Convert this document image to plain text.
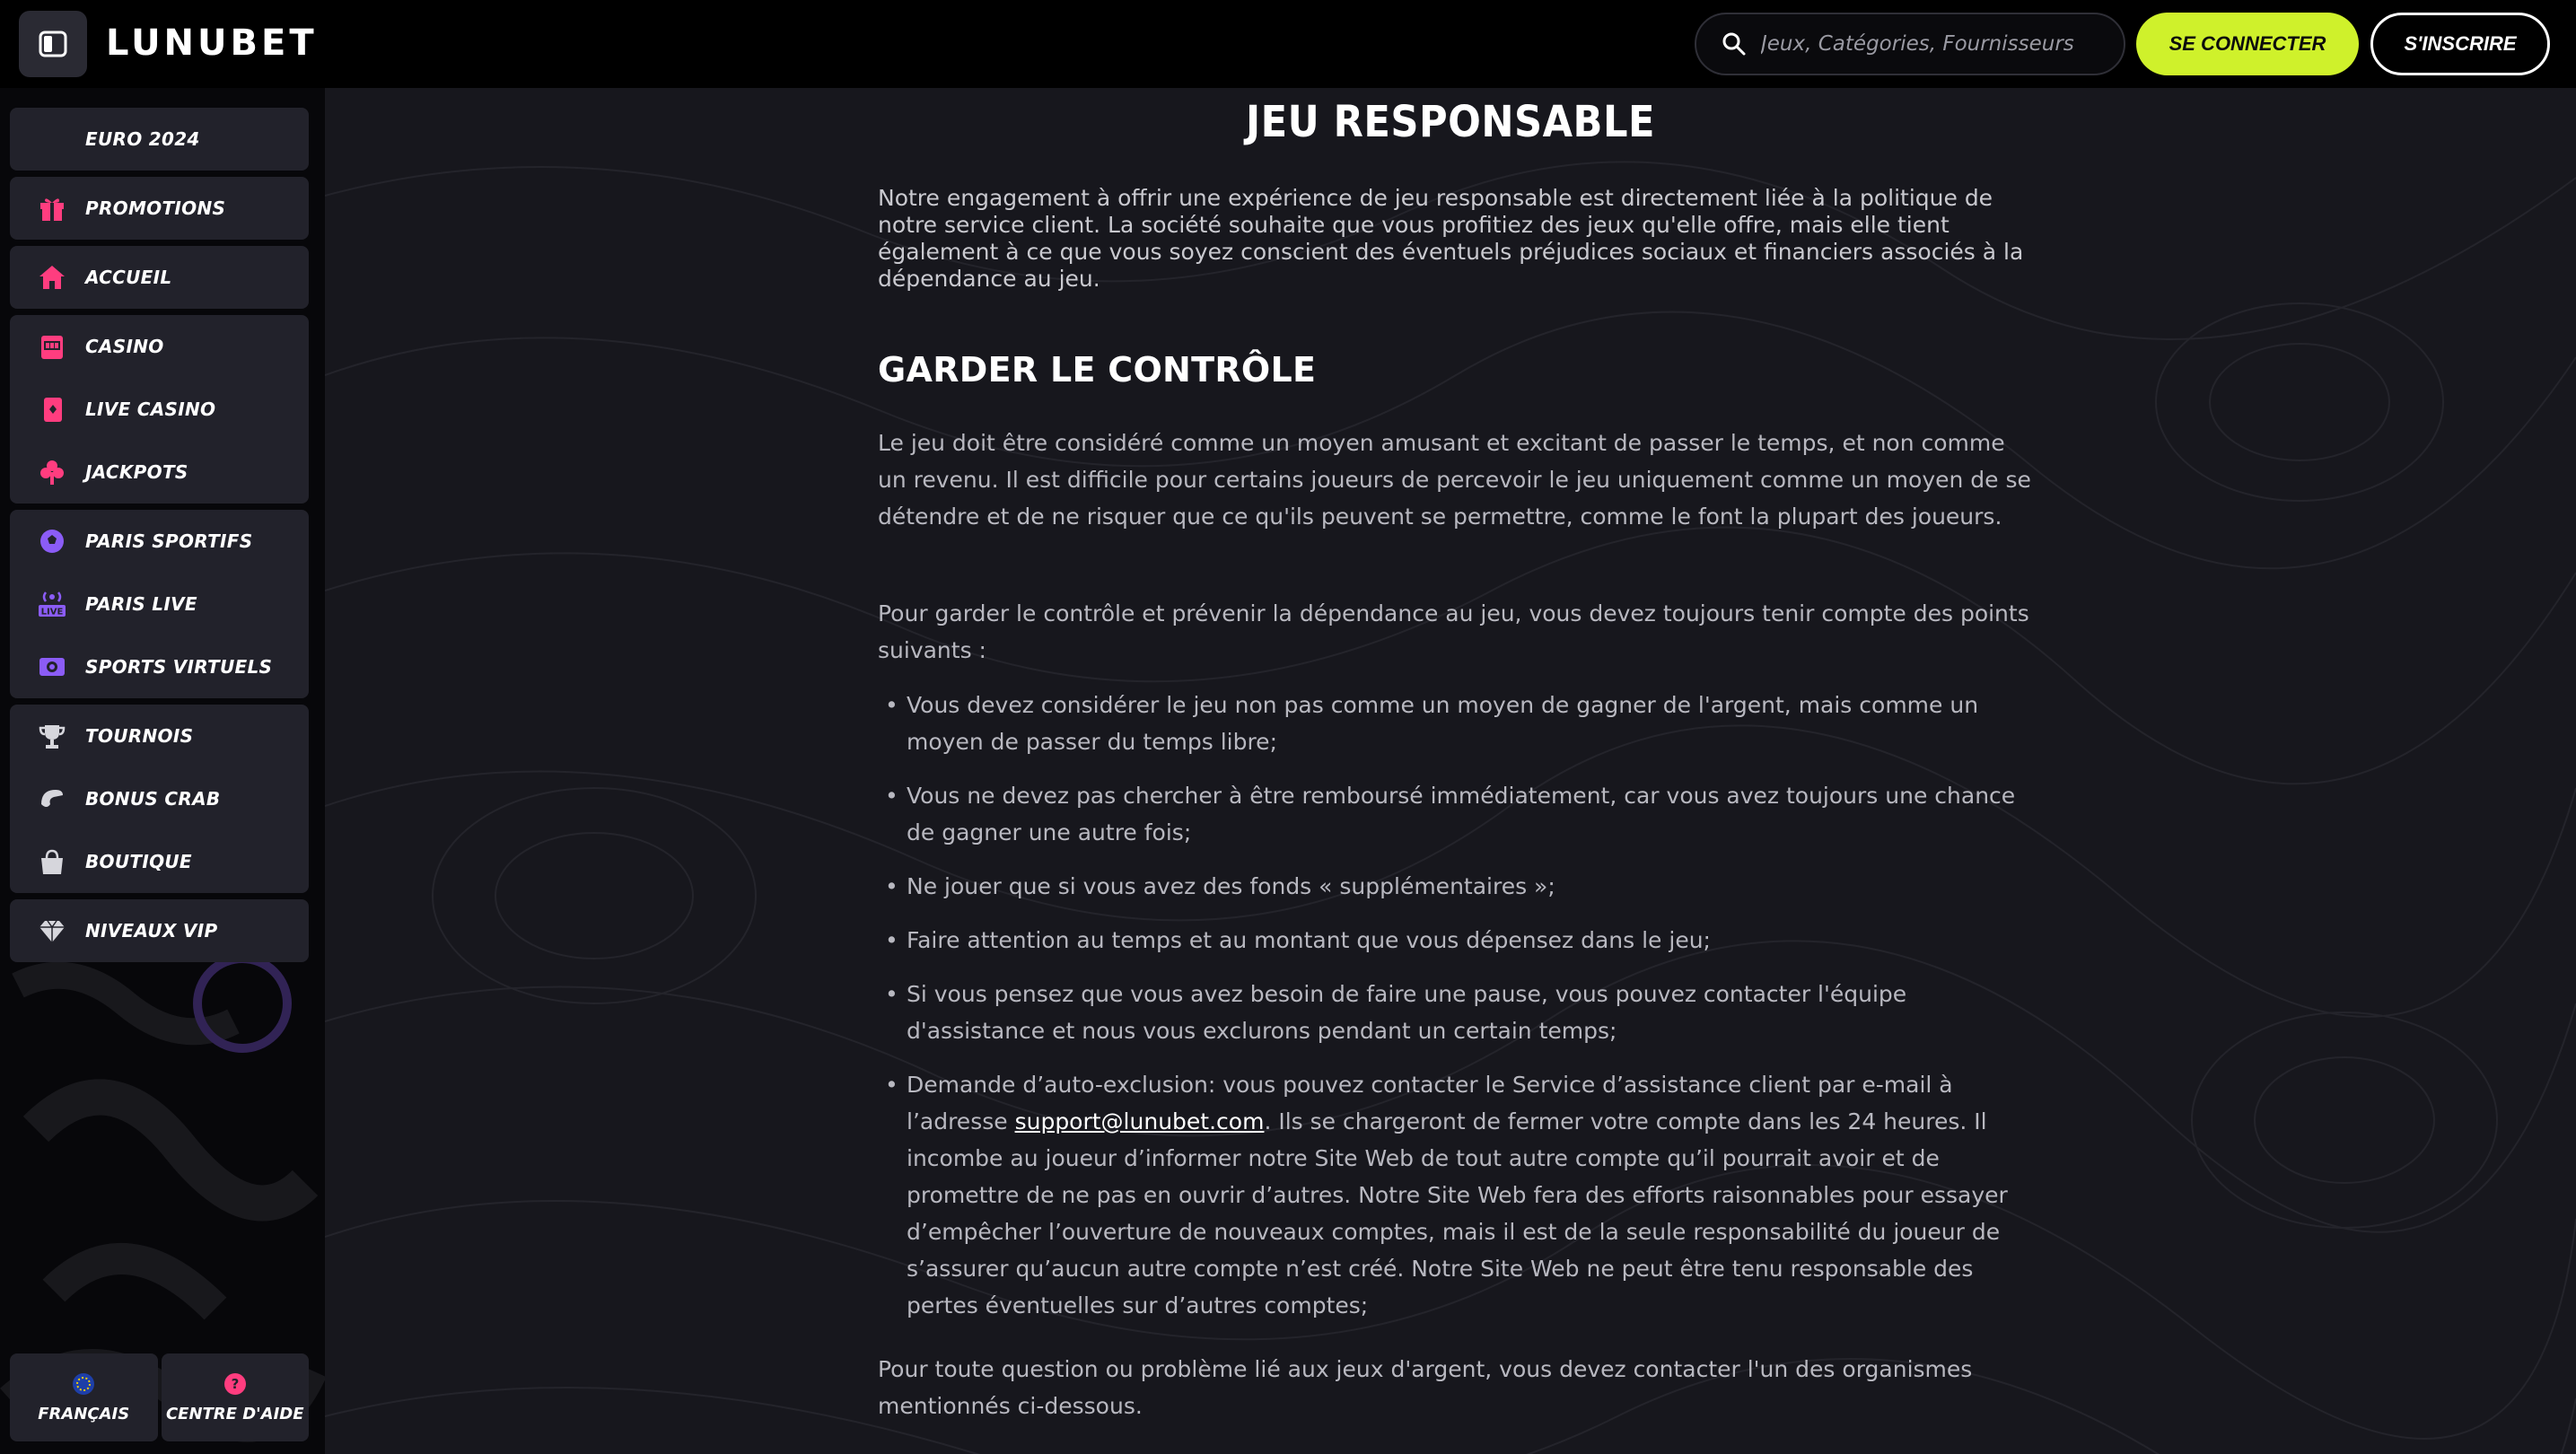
LUNUBET
Jeux, Catégories, Fournisseurs	SE CONNECTER	S'INSCRIRE
EURO 2024
PROMOTIONS
ACCUEIL
CASINO
LIVE CASINO
JACKPOTS
PARIS SPORTIFS
LIVE PARIS LIVE
SPORTS VIRTUELS
TOURNOIS
BONUS CRAB
BOUTIQUE
NIVEAUX VIP
FRANÇAIS
?
CENTRE D'AIDE
JEU RESPONSABLE

Notre engagement à offrir une expérience de jeu responsable est directement liée à la politique de notre service client. La société souhaite que vous profitiez des jeux qu'elle offre, mais elle tient également à ce que vous soyez conscient des éventuels préjudices sociaux et financiers associés à la dépendance au jeu.

GARDER LE CONTRÔLE

Le jeu doit être considéré comme un moyen amusant et excitant de passer le temps, et non comme un revenu. Il est difficile pour certains joueurs de percevoir le jeu uniquement comme un moyen de se détendre et de ne risquer que ce qu'ils peuvent se permettre, comme le font la plupart des joueurs.

Pour garder le contrôle et prévenir la dépendance au jeu, vous devez toujours tenir compte des points suivants :

• Vous devez considérer le jeu non pas comme un moyen de gagner de l'argent, mais comme un moyen de passer du temps libre;
• Vous ne devez pas chercher à être remboursé immédiatement, car vous avez toujours une chance de gagner une autre fois;
• Ne jouer que si vous avez des fonds « supplémentaires »;
• Faire attention au temps et au montant que vous dépensez dans le jeu;
• Si vous pensez que vous avez besoin de faire une pause, vous pouvez contacter l'équipe d'assistance et nous vous exclurons pendant un certain temps;
• Demande d’auto-exclusion: vous pouvez contacter le Service d’assistance client par e-mail à l’adresse support@lunubet.com. Ils se chargeront de fermer votre compte dans les 24 heures. Il incombe au joueur d’informer notre Site Web de tout autre compte qu’il pourrait avoir et de promettre de ne pas en ouvrir d’autres. Notre Site Web fera des efforts raisonnables pour essayer d’empêcher l’ouverture de nouveaux comptes, mais il est de la seule responsabilité du joueur de s’assurer qu’aucun autre compte n’est créé. Notre Site Web ne peut être tenu responsable des pertes éventuelles sur d’autres comptes;

Pour toute question ou problème lié aux jeux d'argent, vous devez contacter l'un des organismes mentionnés ci-dessous.
